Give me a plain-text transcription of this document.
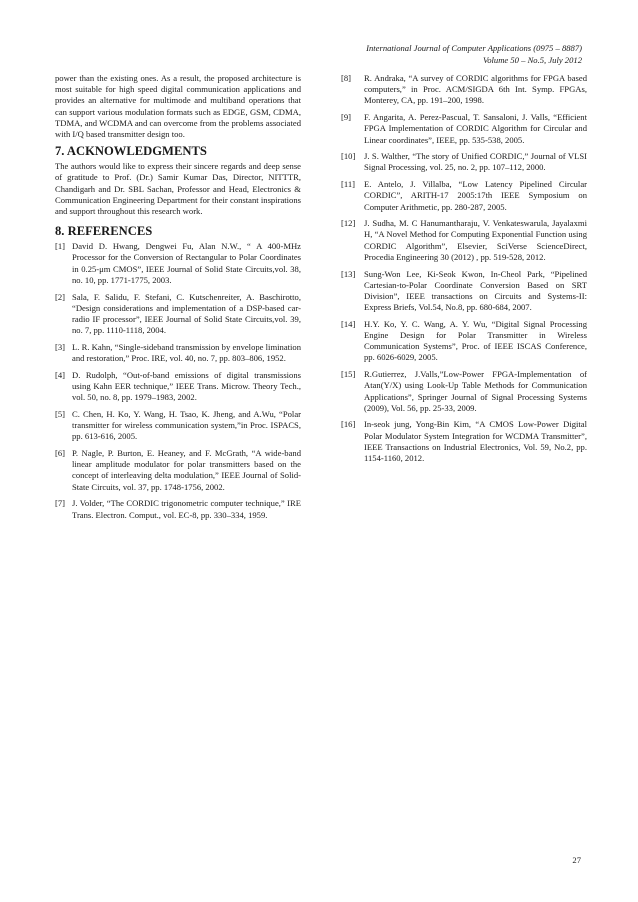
International Journal of Computer Applications (0975 – 8887)
Volume 50 – No.5, July 2012

power than the existing ones. As a result, the proposed architecture is most suitable for high speed digital communication applications and provides an alternative for multimode and multiband operations that can support various modulation formats such as EDGE, GSM, CDMA, TDMA, and WCDMA and can overcome from the problems associated with I/Q based transmitter design too.

7. ACKNOWLEDGMENTS

The authors would like to express their sincere regards and deep sense of gratitude to Prof. (Dr.) Samir Kumar Das, Director, NITTTR, Chandigarh and Dr. SBL Sachan, Professor and Head, Electronics & Communication Engineering Department for their constant inspirations and support throughout this research work.

8. REFERENCES
[1] David D. Hwang, Dengwei Fu, Alan N.W., “ A 400-MHz Processor for the Conversion of Rectangular to Polar Coordinates in 0.25-μm CMOS”, IEEE Journal of Solid State Circuits,vol. 38, no. 10, pp. 1771-1775, 2003.
[2] Sala, F. Salidu, F. Stefani, C. Kutschenreiter, A. Baschirotto, “Design considerations and implementation of a DSP-based car-radio IF processor”, IEEE Journal of Solid State Circuits,vol. 39, no. 7, pp. 1110-1118, 2004.
[3] L. R. Kahn, “Single-sideband transmission by envelope limination and restoration,” Proc. IRE, vol. 40, no. 7, pp. 803–806, 1952.
[4] D. Rudolph, “Out-of-band emissions of digital transmissions using Kahn EER technique,” IEEE Trans. Microw. Theory Tech., vol. 50, no. 8, pp. 1979–1983, 2002.
[5] C. Chen, H. Ko, Y. Wang, H. Tsao, K. Jheng, and A.Wu, “Polar transmitter for wireless communication system,”in Proc. ISPACS, pp. 613-616, 2005.
[6] P. Nagle, P. Burton, E. Heaney, and F. McGrath, “A wide-band linear amplitude modulator for polar transmitters based on the concept of interleaving delta modulation,” IEEE Journal of Solid-State Circuits, vol. 37, pp. 1748-1756, 2002.
[7] J. Volder, “The CORDIC trigonometric computer technique,” IRE Trans. Electron. Comput., vol. EC-8, pp. 330–334, 1959.
[8]	R. Andraka, “A survey of CORDIC algorithms for FPGA based computers,” in Proc. ACM/SIGDA 6th Int. Symp. FPGAs, Monterey, CA, pp. 191–200, 1998.
[9]	F. Angarita, A. Perez-Pascual, T. Sansaloni, J. Valls, “Efficient FPGA Implementation of CORDIC Algorithm for Circular and Linear coordinates”, IEEE, pp. 535-538, 2005.
[10]	J. S. Walther, “The story of Unified CORDIC,” Journal of VLSI Signal Processing, vol. 25, no. 2, pp. 107–112, 2000.
[11]	E. Antelo, J. Villalba, “Low Latency Pipelined Circular CORDIC”, ARITH-17 2005:17th IEEE Symposium on Computer Arithmetic, pp. 280-287, 2005.
[12]	J. Sudha, M. C Hanumantharaju, V. Venkateswarula, Jayalaxmi H, “A Novel Method for Computing Exponential Function using CORDIC Algorithm”, Elsevier, SciVerse ScienceDirect, Procedia Engineering 30 (2012) , pp. 519-528, 2012.
[13]	Sung-Won Lee, Ki-Seok Kwon, In-Cheol Park, “Pipelined Cartesian-to-Polar Coordinate Conversion Based on SRT Division”, IEEE transactions on Circuits and Systems-II: Express Briefs, Vol.54, No.8, pp. 680-684, 2007.
[14]	H.Y. Ko, Y. C. Wang, A. Y. Wu, “Digital Signal Processing Engine Design for Polar Transmitter in Wireless Communication Systems”, Proc. of IEEE ISCAS Conference, pp. 6026-6029, 2005.
[15]	R.Gutierrez, J.Valls,”Low-Power FPGA-Implementation of Atan(Y/X) using Look-Up Table Methods for Communication Applications”, Springer Journal of Signal Processing Systems (2009), Vol. 56, pp. 25-33, 2009.
[16]	In-seok jung, Yong-Bin Kim, “A CMOS Low-Power Digital Polar Modulator System Integration for WCDMA Transmitter”, IEEE Transactions on Industrial Electronics, Vol. 59, No.2, pp. 1154-1160, 2012.
27
